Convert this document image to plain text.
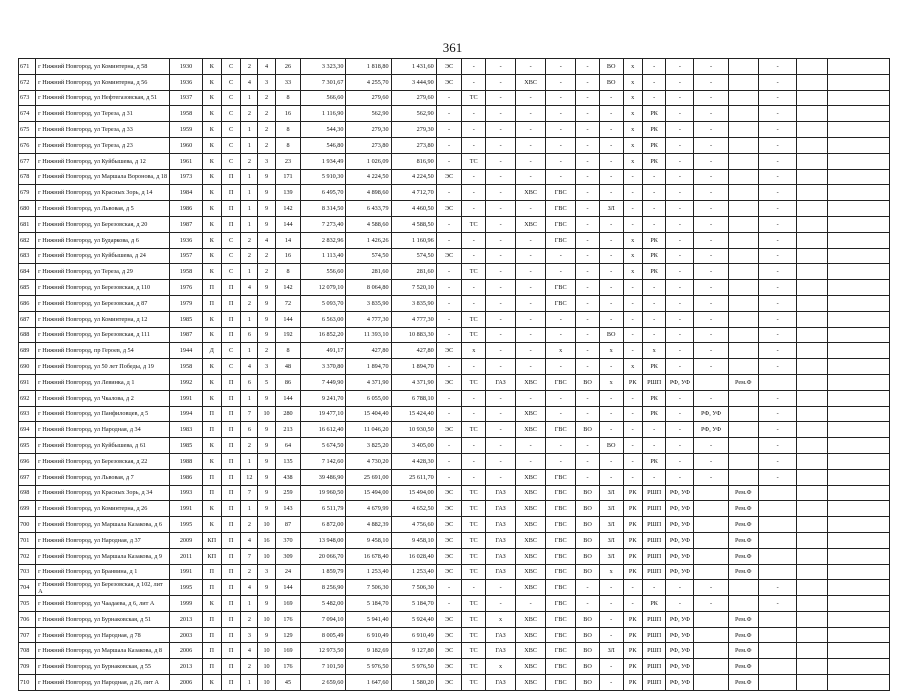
361
671	г Нижний Новгород, ул Коминтерна, д 58	1930	К	С	2	4	26	3 323,30	1 818,80	1 431,60	ЭС	-	-	-	-	-	ВО	х	-	-	-		-		
672	г Нижний Новгород, ул Коминтерна, д 56	1936	К	С	4	3	33	7 301,67	4 255,70	3 444,90	ЭС	-	-	ХВС	-	-	ВО	х	-	-	-		-		
673	г Нижний Новгород, ул Нефтегазовская, д 51	1937	К	С	1	2	8	566,60	279,60	279,60	-	ТС	-	-	-	-	-	х	-	-	-		-		
674	г Нижний Новгород, ул Тереза, д 31	1958	К	С	2	2	16	1 116,90	562,90	562,90	-	-	-	-	-	-	-	х	РК	-	-		-		
675	г Нижний Новгород, ул Тереза, д 33	1959	К	С	1	2	8	544,30	279,30	279,30	-	-	-	-	-	-	-	х	РК	-	-		-		
676	г Нижний Новгород, ул Тереза, д 23	1960	К	С	1	2	8	546,80	273,80	273,80	-	-	-	-	-	-	-	х	РК	-	-		-		
677	г Нижний Новгород, ул Куйбышева, д 12	1961	К	С	2	3	23	1 934,49	1 026,09	816,90	-	ТС	-	-	-	-	-	х	РК	-	-		-		
678	г Нижний Новгород, ул Маршала Воронова, д 18	1973	К	П	1	9	171	5 910,30	4 224,50	4 224,50	ЭС	-	-	-	-	-	-	-	-	-	-		-		
679	г Нижний Новгород, ул Красных Зорь, д 14	1984	К	П	1	9	139	6 495,70	4 898,60	4 712,70	-	-	-	ХВС	ГВС	-	-	-	-	-	-		-		
680	г Нижний Новгород, ул Львовая, д 5	1986	К	П	1	9	142	8 314,50	6 433,79	4 460,50	ЭС	-	-	-	ГВС	-	ЗЛ	-	-	-	-		-		
681	г Нижний Новгород, ул Березовская, д 20	1987	К	П	1	9	144	7 273,40	4 588,60	4 588,50	-	ТС	-	ХВС	ГВС	-	-	-	-	-	-		-		
682	г Нижний Новгород, ул Бударкова, д 6	1936	К	С	2	4	14	2 832,96	1 426,26	1 160,96	-	-	-	-	ГВС	-	-	х	РК	-	-		-		
683	г Нижний Новгород, ул Куйбышева, д 24	1957	К	С	2	2	16	1 113,40	574,50	574,50	ЭС	-	-	-	-	-	-	х	РК	-	-		-		
684	г Нижний Новгород, ул Тереза, д 29	1958	К	С	1	2	8	556,60	281,60	281,60	-	ТС	-	-	-	-	-	х	РК	-	-		-		
685	г Нижний Новгород, ул Березовская, д 110	1976	П	П	4	9	142	12 079,10	8 064,80	7 520,10	-	-	-	-	ГВС	-	-	-	-	-	-		-		
686	г Нижний Новгород, ул Березовская, д 87	1979	П	П	2	9	72	5 093,70	3 835,90	3 835,90	-	-	-	-	ГВС	-	-	-	-	-	-		-		
687	г Нижний Новгород, ул Коминтерна, д 12	1985	К	П	1	9	144	6 563,00	4 777,30	4 777,30	-	ТС	-	-	-	-	-	-	-	-	-		-		
688	г Нижний Новгород, ул Березовская, д 111	1987	К	П	6	9	192	16 852,20	11 393,10	10 883,30	-	ТС	-	-	-	-	ВО	-	-	-	-		-		
689	г Нижний Новгород, пр Героев, д 54	1944	Д	С	1	2	8	491,17	427,80	427,80	ЭС	х	-	-	х	-	х	-	х	-	-		-		
690	г Нижний Новгород, ул 50 лет Победы, д 19	1958	К	С	4	3	48	3 370,80	1 894,70	1 894,70	-	-	-	-	-	-	-	х	РК	-	-		-		
691	г Нижний Новгород, ул Левинка, д 1	1992	К	П	6	5	86	7 449,90	4 371,90	4 371,90	ЭС	ТС	ГАЗ	ХВС	ГВС	ВО	х	РК	РШП	РФ, УФ		Рем.Ф			
692	г Нижний Новгород, ул Чкалова, д 2	1991	К	П	1	9	144	9 241,70	6 055,00	6 788,10	-	-	-	-	-	-	-	-	РК	-	-		-		
693	г Нижний Новгород, ул Панфиловцев, д 5	1994	П	П	7	10	280	19 477,10	15 404,40	15 424,40	-	-	-	ХВС	-	-	-	-	РК	-	РФ, УФ		-		
694	г Нижний Новгород, ул Народная, д 34	1983	П	П	6	9	213	16 612,40	11 046,20	10 930,50	ЭС	ТС	-	ХВС	ГВС	ВО	-	-	-	-	РФ, УФ		-		
695	г Нижний Новгород, ул Куйбышева, д 61	1985	К	П	2	9	64	5 674,50	3 825,20	3 405,00	-	-	-	-	-	-	ВО	-	-	-	-		-		
696	г Нижний Новгород, ул Березовская, д 22	1988	К	П	1	9	135	7 142,60	4 730,20	4 428,30	-	-	-	-	-	-	-	-	РК	-	-		-		
697	г Нижний Новгород, ул Львовая, д 7	1986	П	П	12	9	438	39 486,90	25 691,00	25 611,70	-	-	-	ХВС	ГВС	-	-	-	-	-	-		-		
698	г Нижний Новгород, ул Красных Зорь, д 34	1993	П	П	7	9	259	19 960,50	15 494,00	15 494,00	ЭС	ТС	ГАЗ	ХВС	ГВС	ВО	ЗЛ	РК	РШП	РФ, УФ		Рем.Ф			
699	г Нижний Новгород, ул Коминтерна, д 26	1991	К	П	1	9	143	6 511,79	4 679,99	4 652,50	ЭС	ТС	ГАЗ	ХВС	ГВС	ВО	ЗЛ	РК	РШП	РФ, УФ		Рем.Ф			
700	г Нижний Новгород, ул Маршала Казакова, д 6	1995	К	П	2	10	87	6 872,00	4 882,39	4 756,60	ЭС	ТС	ГАЗ	ХВС	ГВС	ВО	ЗЛ	РК	РШП	РФ, УФ		Рем.Ф			
701	г Нижний Новгород, ул Народная, д 37	2009	КП	П	4	16	370	13 948,00	9 458,10	9 458,10	ЭС	ТС	ГАЗ	ХВС	ГВС	ВО	ЗЛ	РК	РШП	РФ, УФ		Рем.Ф			
702	г Нижний Новгород, ул Маршала Казакова, д 9	2011	КП	П	7	10	309	20 066,70	16 678,40	16 028,40	ЭС	ТС	ГАЗ	ХВС	ГВС	ВО	ЗЛ	РК	РШП	РФ, УФ		Рем.Ф			
703	г Нижний Новгород, ул Бранвина, д 1	1991	П	П	2	3	24	1 859,79	1 253,40	1 253,40	ЭС	ТС	ГАЗ	ХВС	ГВС	ВО	х	РК	РШП	РФ, УФ		Рем.Ф			
704	г Нижний Новгород, ул Березовская, д 102, лит А	1995	П	П	4	9	144	8 256,90	7 506,30	7 506,30	-	-	-	ХВС	ГВС	-	-	-	-	-	-		-		
705	г Нижний Новгород, ул Чаадаева, д 6, лит А	1999	К	П	1	9	169	5 482,00	5 184,70	5 184,70	-	ТС	-	-	ГВС	-	-	-	РК	-	-		-		
706	г Нижний Новгород, ул Бурнаковская, д 51	2013	П	П	2	10	176	7 094,10	5 941,40	5 924,40	ЭС	ТС	х	ХВС	ГВС	ВО	-	РК	РШП	РФ, УФ		Рем.Ф			
707	г Нижний Новгород, ул Народная, д 78	2003	П	П	3	9	129	8 005,49	6 910,49	6 910,49	ЭС	ТС	ГАЗ	ХВС	ГВС	ВО	-	РК	РШП	РФ, УФ		Рем.Ф			
708	г Нижний Новгород, ул Маршала Казакова, д 8	2006	П	П	4	10	169	12 973,50	9 182,69	9 127,80	ЭС	ТС	ГАЗ	ХВС	ГВС	ВО	ЗЛ	РК	РШП	РФ, УФ		Рем.Ф			
709	г Нижний Новгород, ул Бурнаковская, д 55	2013	П	П	2	10	176	7 101,50	5 976,50	5 976,50	ЭС	ТС	х	ХВС	ГВС	ВО	-	РК	РШП	РФ, УФ		Рем.Ф			
710	г Нижний Новгород, ул Народная, д 26, лит А	2006	К	П	1	10	45	2 659,60	1 647,60	1 580,20	ЭС	ТС	ГАЗ	ХВС	ГВС	ВО	-	РК	РШП	РФ, УФ		Рем.Ф			
